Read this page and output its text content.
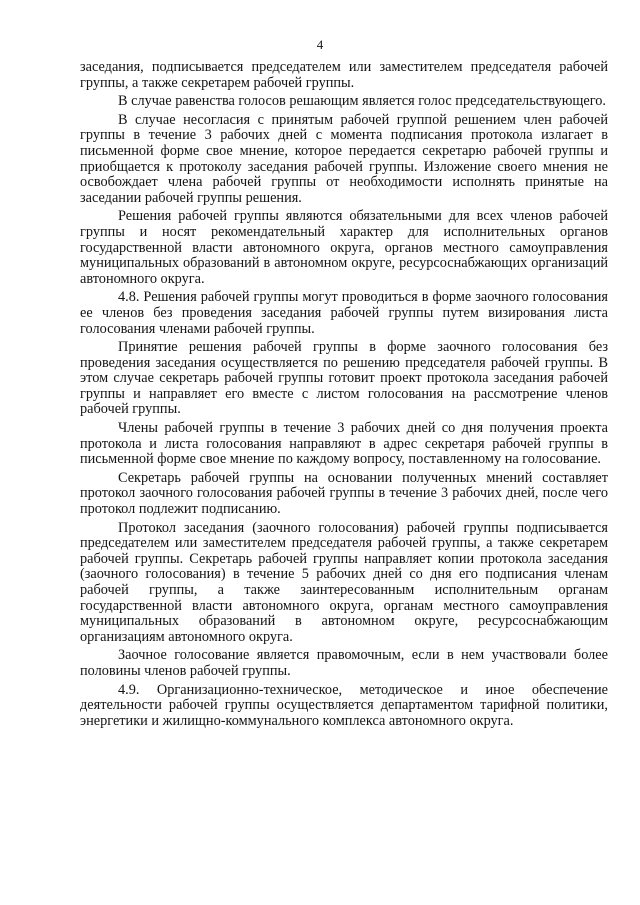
4

заседания, подписывается председателем или заместителем председателя рабочей группы, а также секретарем рабочей группы.

В случае равенства голосов решающим является голос председательствующего.

В случае несогласия с принятым рабочей группой решением член рабочей группы в течение 3 рабочих дней с момента подписания протокола излагает в письменной форме свое мнение, которое передается секретарю рабочей группы и приобщается к протоколу заседания рабочей группы. Изложение своего мнения не освобождает члена рабочей группы от необходимости исполнять принятые на заседании рабочей группы решения.

Решения рабочей группы являются обязательными для всех членов рабочей группы и носят рекомендательный характер для исполнительных органов государственной власти автономного округа, органов местного самоуправления муниципальных образований в автономном округе, ресурсоснабжающих организаций автономного округа.

4.8. Решения рабочей группы могут проводиться в форме заочного голосования ее членов без проведения заседания рабочей группы путем визирования листа голосования членами рабочей группы.

Принятие решения рабочей группы в форме заочного голосования без проведения заседания осуществляется по решению председателя рабочей группы. В этом случае секретарь рабочей группы готовит проект протокола заседания рабочей группы и направляет его вместе с листом голосования на рассмотрение членов рабочей группы.

Члены рабочей группы в течение 3 рабочих дней со дня получения проекта протокола и листа голосования направляют в адрес секретаря рабочей группы в письменной форме свое мнение по каждому вопросу, поставленному на голосование.

Секретарь рабочей группы на основании полученных мнений составляет протокол заочного голосования рабочей группы в течение 3 рабочих дней, после чего протокол подлежит подписанию.

Протокол заседания (заочного голосования) рабочей группы подписывается председателем или заместителем председателя рабочей группы, а также секретарем рабочей группы. Секретарь рабочей группы направляет копии протокола заседания (заочного голосования) в течение 5 рабочих дней со дня его подписания членам рабочей группы, а также заинтересованным исполнительным органам государственной власти автономного округа, органам местного самоуправления муниципальных образований в автономном округе, ресурсоснабжающим организациям автономного округа.

Заочное голосование является правомочным, если в нем участвовали более половины членов рабочей группы.

4.9. Организационно-техническое, методическое и иное обеспечение деятельности рабочей группы осуществляется департаментом тарифной политики, энергетики и жилищно-коммунального комплекса автономного округа.
